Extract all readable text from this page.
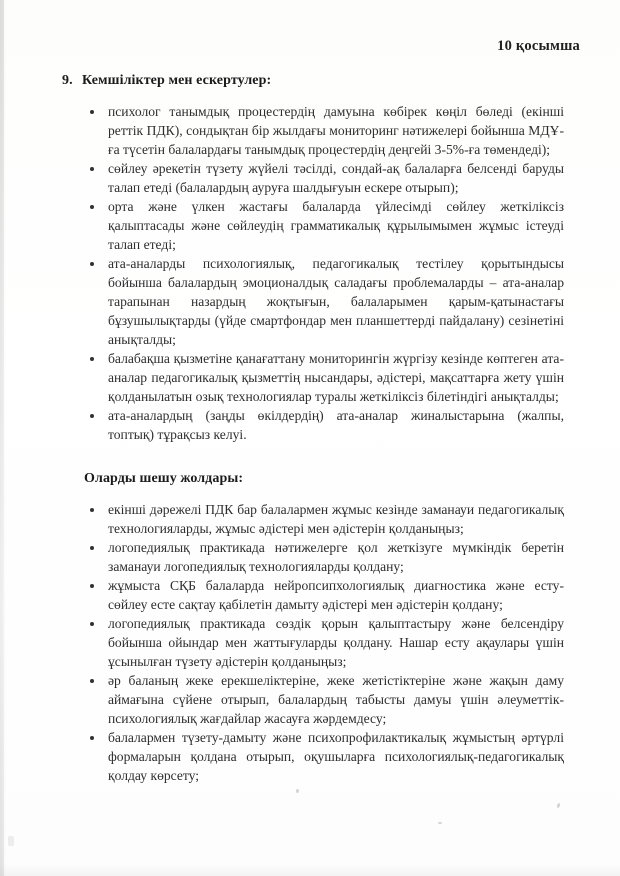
10 қосымша
9. Кемшіліктер мен ескертулер:
психолог танымдық процестердің дамуына көбірек көңіл бөледі (екінші реттік ПДК), сондықтан бір жылдағы мониторинг нәтижелері бойынша МДҰ-ға түсетін балалардағы танымдық процестердің деңгейі 3-5%-ға төмендеді);
сөйлеу әрекетін түзету жүйелі тәсілді, сондай-ақ балаларға белсенді баруды талап етеді (балалардың ауруға шалдығуын ескере отырып);
орта және үлкен жастағы балаларда үйлесімді сөйлеу жеткіліксіз қалыптасады және сөйлеудің грамматикалық құрылымымен жұмыс істеуді талап етеді;
ата-аналарды психологиялық, педагогикалық тестілеу қорытындысы бойынша балалардың эмоционалдық саладағы проблемаларды – ата-аналар тарапынан назардың жоқтығын, балаларымен қарым-қатынастағы бұзушылықтарды (үйде смартфондар мен планшеттерді пайдалану) сезінетіні анықталды;
балабақша қызметіне қанағаттану мониторингін жүргізу кезінде көптеген ата-аналар педагогикалық қызметтің нысандары, әдістері, мақсаттарға жету үшін қолданылатын озық технологиялар туралы жеткіліксіз білетіндігі анықталды;
ата-аналардың (заңды өкілдердің) ата-аналар жиналыстарына (жалпы, топтық) тұрақсыз келуі.
Оларды шешу жолдары:
екінші дәрежелі ПДК бар балалармен жұмыс кезінде заманауи педагогикалық технологияларды, жұмыс әдістері мен әдістерін қолданыңыз;
логопедиялық практикада нәтижелерге қол жеткізуге мүмкіндік беретін заманауи логопедиялық технологияларды қолдану;
жұмыста СҚБ балаларда нейропсипхологиялық диагностика және есту-сөйлеу есте сақтау қабілетін дамыту әдістері мен әдістерін қолдану;
логопедиялық практикада сөздік қорын қалыптастыру және белсендіру бойынша ойындар мен жаттығуларды қолдану. Нашар есту ақаулары үшін ұсынылған түзету әдістерін қолданыңыз;
әр баланың жеке ерекшеліктеріне, жеке жетістіктеріне және жақын даму аймағына сүйене отырып, балалардың табысты дамуы үшін әлеуметтік-психологиялық жағдайлар жасауға жәрдемдесу;
балалармен түзету-дамыту және психопрофилактикалық жұмыстың әртүрлі формаларын қолдана отырып, оқушыларға психологиялық-педагогикалық қолдау көрсету;
